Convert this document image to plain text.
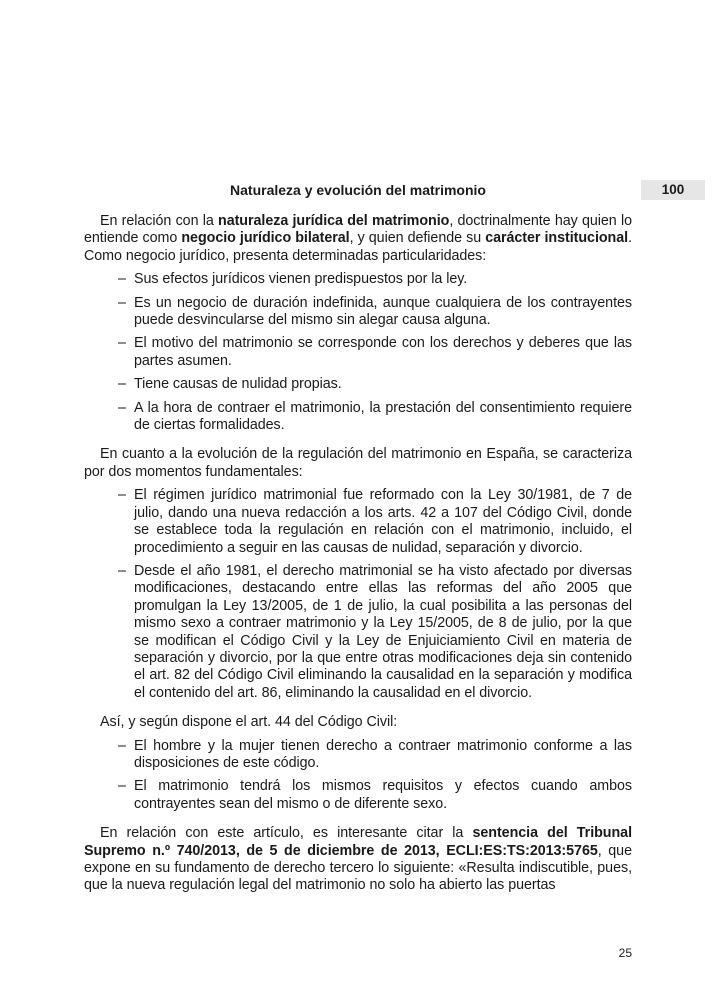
Naturaleza y evolución del matrimonio	100

En relación con la naturaleza jurídica del matrimonio, doctrinalmente hay quien lo entiende como negocio jurídico bilateral, y quien defiende su carácter institucional. Como negocio jurídico, presenta determinadas particularidades:

– Sus efectos jurídicos vienen predispuestos por la ley.
– Es un negocio de duración indefinida, aunque cualquiera de los contrayentes puede desvincularse del mismo sin alegar causa alguna.
– El motivo del matrimonio se corresponde con los derechos y deberes que las partes asumen.
– Tiene causas de nulidad propias.
– A la hora de contraer el matrimonio, la prestación del consentimiento requiere de ciertas formalidades.

En cuanto a la evolución de la regulación del matrimonio en España, se caracteriza por dos momentos fundamentales:

– El régimen jurídico matrimonial fue reformado con la Ley 30/1981, de 7 de julio, dando una nueva redacción a los arts. 42 a 107 del Código Civil, donde se establece toda la regulación en relación con el matrimonio, incluido, el procedimiento a seguir en las causas de nulidad, separación y divorcio.
– Desde el año 1981, el derecho matrimonial se ha visto afectado por diversas modificaciones, destacando entre ellas las reformas del año 2005 que promulgan la Ley 13/2005, de 1 de julio, la cual posibilita a las personas del mismo sexo a contraer matrimonio y la Ley 15/2005, de 8 de julio, por la que se modifican el Código Civil y la Ley de Enjuiciamiento Civil en materia de separación y divorcio, por la que entre otras modificaciones deja sin contenido el art. 82 del Código Civil eliminando la causalidad en la separación y modifica el contenido del art. 86, eliminando la causalidad en el divorcio.

Así, y según dispone el art. 44 del Código Civil:

– El hombre y la mujer tienen derecho a contraer matrimonio conforme a las disposiciones de este código.
– El matrimonio tendrá los mismos requisitos y efectos cuando ambos contrayentes sean del mismo o de diferente sexo.

En relación con este artículo, es interesante citar la sentencia del Tribunal Supremo n.º 740/2013, de 5 de diciembre de 2013, ECLI:ES:TS:2013:5765, que expone en su fundamento de derecho tercero lo siguiente: «Resulta indiscutible, pues, que la nueva regulación legal del matrimonio no solo ha abierto las puertas

25
